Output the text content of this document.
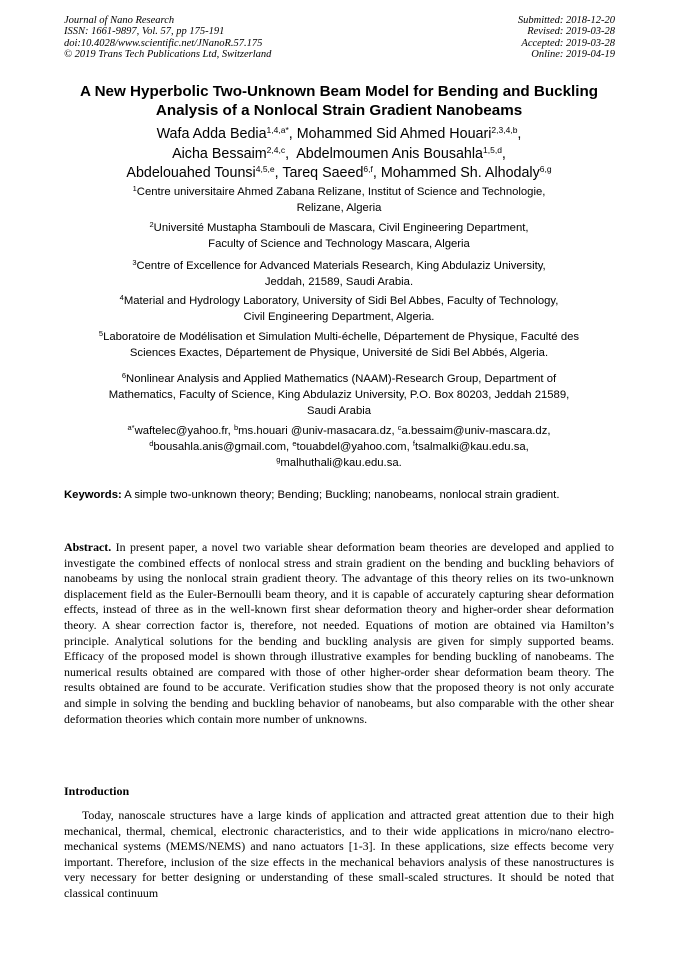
Journal of Nano Research
ISSN: 1661-9897, Vol. 57, pp 175-191
doi:10.4028/www.scientific.net/JNanoR.57.175
© 2019 Trans Tech Publications Ltd, Switzerland
Submitted: 2018-12-20
Revised: 2019-03-28
Accepted: 2019-03-28
Online: 2019-04-19
A New Hyperbolic Two-Unknown Beam Model for Bending and Buckling
Analysis of a Nonlocal Strain Gradient Nanobeams
Wafa Adda Bedia$^{1,4,a*}$, Mohammed Sid Ahmed Houari$^{2,3,4,b}$,
Aicha Bessaim$^{2,4,c}$,  Abdelmoumen Anis Bousahla$^{1,5,d}$,
Abdelouahed Tounsi$^{4,5,e}$, Tareq Saeed$^{6,f}$, Mohammed Sh. Alhodaly$^{6,g}$
$^1$Centre universitaire Ahmed Zabana Relizane, Institut of Science and Technologie,
Relizane, Algeria
$^2$Université Mustapha Stambouli de Mascara, Civil Engineering Department,
Faculty of Science and Technology Mascara, Algeria
$^3$Centre of Excellence for Advanced Materials Research, King Abdulaziz University,
Jeddah, 21589, Saudi Arabia.
$^4$Material and Hydrology Laboratory, University of Sidi Bel Abbes, Faculty of Technology,
Civil Engineering Department, Algeria.
$^5$Laboratoire de Modélisation et Simulation Multi-échelle, Département de Physique, Faculté des
Sciences Exactes, Département de Physique, Université de Sidi Bel Abbés, Algeria.
$^6$Nonlinear Analysis and Applied Mathematics (NAAM)-Research Group, Department of
Mathematics, Faculty of Science, King Abdulaziz University, P.O. Box 80203, Jeddah 21589,
Saudi Arabia
$^{a*}$waftelec@yahoo.fr, $^b$ms.houari @univ-masacara.dz, $^c$a.bessaim@univ-mascara.dz,
$^d$bousahla.anis@gmail.com, $^e$touabdel@yahoo.com, $^f$tsalmalki@kau.edu.sa,
$^g$malhuthali@kau.edu.sa.
Keywords: A simple two-unknown theory; Bending; Buckling; nanobeams, nonlocal strain gradient.
Abstract. In present paper, a novel two variable shear deformation beam theories are developed and applied to investigate the combined effects of nonlocal stress and strain gradient on the bending and buckling behaviors of nanobeams by using the nonlocal strain gradient theory. The advantage of this theory relies on its two-unknown displacement field as the Euler-Bernoulli beam theory, and it is capable of accurately capturing shear deformation effects, instead of three as in the well-known first shear deformation theory and higher-order shear deformation theory. A shear correction factor is, therefore, not needed. Equations of motion are obtained via Hamilton’s principle. Analytical solutions for the bending and buckling analysis are given for simply supported beams. Efficacy of the proposed model is shown through illustrative examples for bending buckling of nanobeams. The numerical results obtained are compared with those of other higher-order shear deformation beam theory. The results obtained are found to be accurate. Verification studies show that the proposed theory is not only accurate and simple in solving the bending and buckling behavior of nanobeams, but also comparable with the other shear deformation theories which contain more number of unknowns.
Introduction
Today, nanoscale structures have a large kinds of application and attracted great attention due to their high mechanical, thermal, chemical, electronic characteristics, and to their wide applications in micro/nano electro-mechanical systems (MEMS/NEMS) and nano actuators [1-3]. In these applications, size effects become very important. Therefore, inclusion of the size effects in the mechanical behaviors analysis of these nanostructures is very necessary for better designing or understanding of these small-scaled structures. It should be noted that classical continuum
